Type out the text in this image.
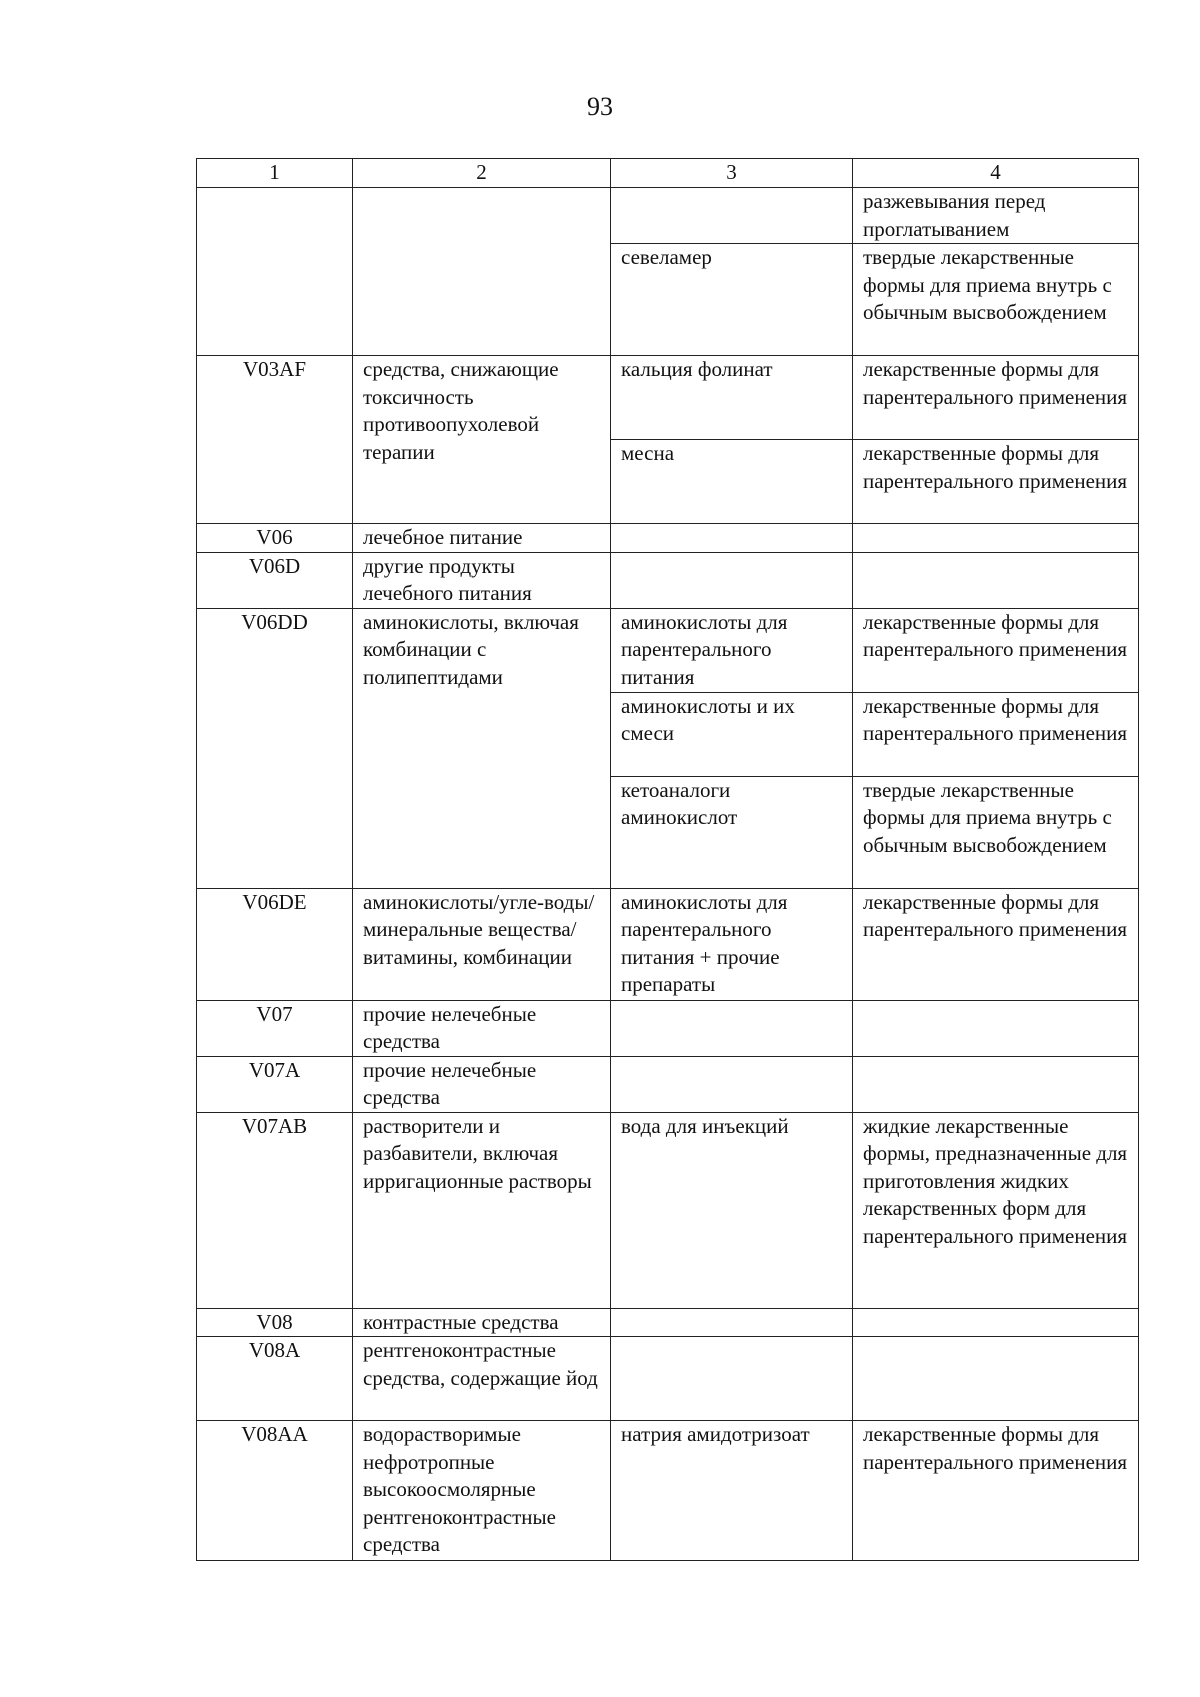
93
1	2	3	4
			разжевывания перед проглатыванием
		севеламер	твердые лекарственные формы для приема внутрь с обычным высвобождением
V03AF	средства, снижающие токсичность противоопухолевой терапии	кальция фолинат	лекарственные формы для парентерального применения
		месна	лекарственные формы для парентерального применения
V06	лечебное питание		
V06D	другие продукты лечебного питания		
V06DD	аминокислоты, включая комбинации с полипептидами	аминокислоты для парентерального питания	лекарственные формы для парентерального применения
		аминокислоты и их смеси	лекарственные формы для парентерального применения
		кетоаналоги аминокислот	твердые лекарственные формы для приема внутрь с обычным высвобождением
V06DE	аминокислоты/угле-воды/ минеральные вещества/ витамины, комбинации	аминокислоты для парентерального питания + прочие препараты	лекарственные формы для парентерального применения
V07	прочие нелечебные средства		
V07A	прочие нелечебные средства		
V07AB	растворители и разбавители, включая ирригационные растворы	вода для инъекций	жидкие лекарственные формы, предназначенные для приготовления жидких лекарственных форм для парентерального применения
V08	контрастные средства		
V08A	рентгеноконтрастные средства, содержащие йод		
V08AA	водорастворимые нефротропные высокоосмолярные рентгеноконтрастные средства	натрия амидотризоат	лекарственные формы для парентерального применения
